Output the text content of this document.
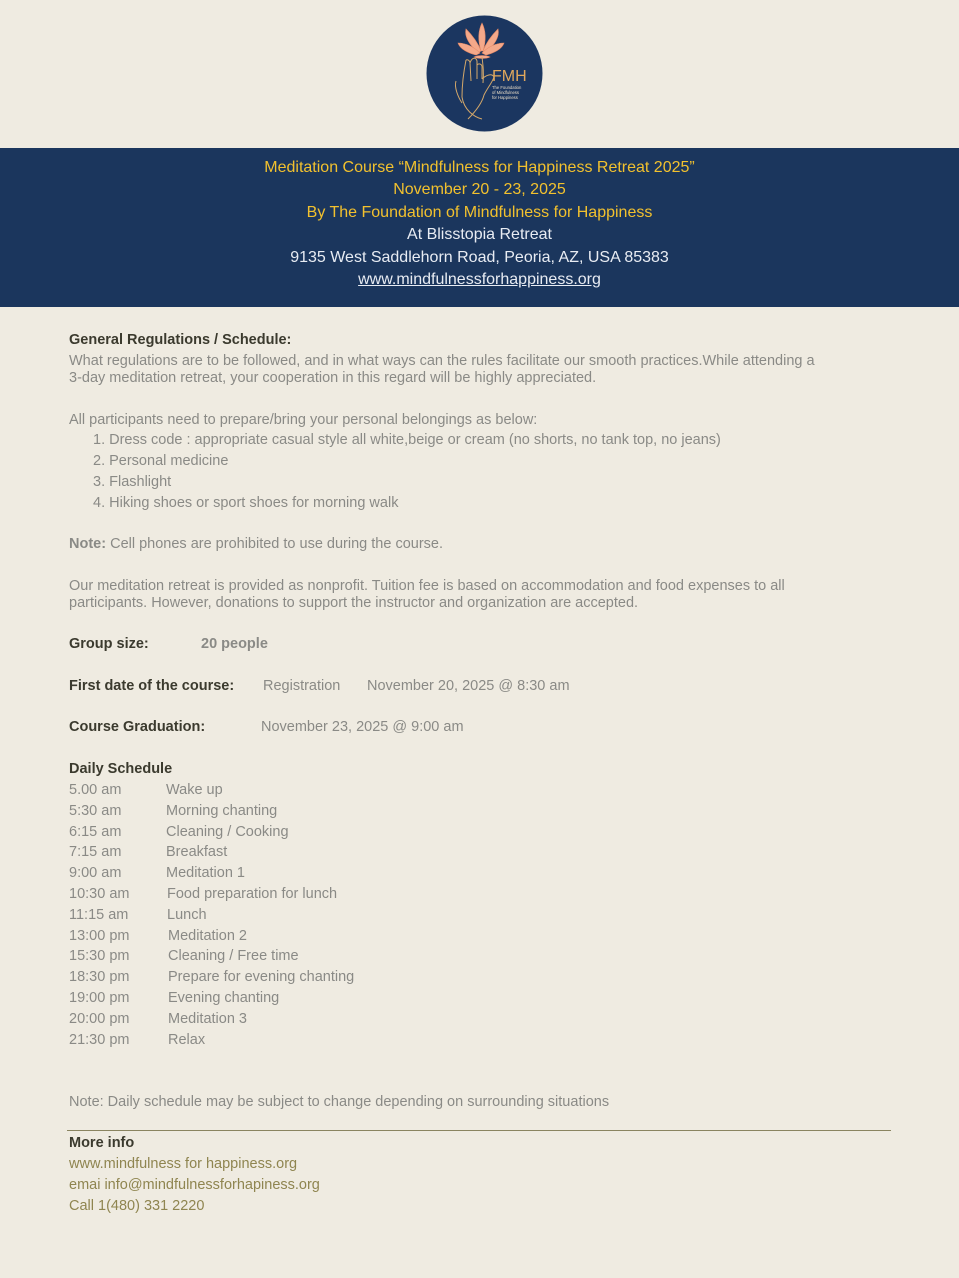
FMH
The Foundation
of Mindfulness
for Happiness
Meditation Course “Mindfulness for Happiness Retreat 2025”
November 20 - 23, 2025
By The Foundation of Mindfulness for Happiness
At Blisstopia Retreat
9135 West Saddlehorn Road, Peoria, AZ, USA 85383
www.mindfulnessforhappiness.org
General Regulations / Schedule:
What regulations are to be followed, and in what ways can the rules facilitate our smooth practices.While attending a
3-day meditation retreat, your cooperation in this regard will be highly appreciated.
All participants need to prepare/bring your personal belongings as below:
1. Dress code : appropriate casual style all white,beige or cream (no shorts, no tank top, no jeans)
2. Personal medicine
3. Flashlight
4. Hiking shoes or sport shoes for morning walk
Note: Cell phones are prohibited to use during the course.
Our meditation retreat is provided as nonprofit. Tuition fee is based on accommodation and food expenses to all
participants. However, donations to support the instructor and organization are accepted.
Group size:	20 people
First date of the course: Registration November 20, 2025 @ 8:30 am
Course Graduation:	November 23, 2025 @ 9:00 am
Daily Schedule
5.00 am	Wake up
5:30 am	Morning chanting
6:15 am	Cleaning / Cooking
7:15 am	Breakfast
9:00 am	Meditation 1
10:30 am	Food preparation for lunch
11:15 am	Lunch
13:00 pm	Meditation 2
15:30 pm	Cleaning / Free time
18:30 pm	Prepare for evening chanting
19:00 pm	Evening chanting
20:00 pm	Meditation 3
21:30 pm	Relax
Note: Daily schedule may be subject to change depending on surrounding situations
More info
www.mindfulness for happiness.org
emai info@mindfulnessforhapiness.org
Call 1(480) 331 2220
